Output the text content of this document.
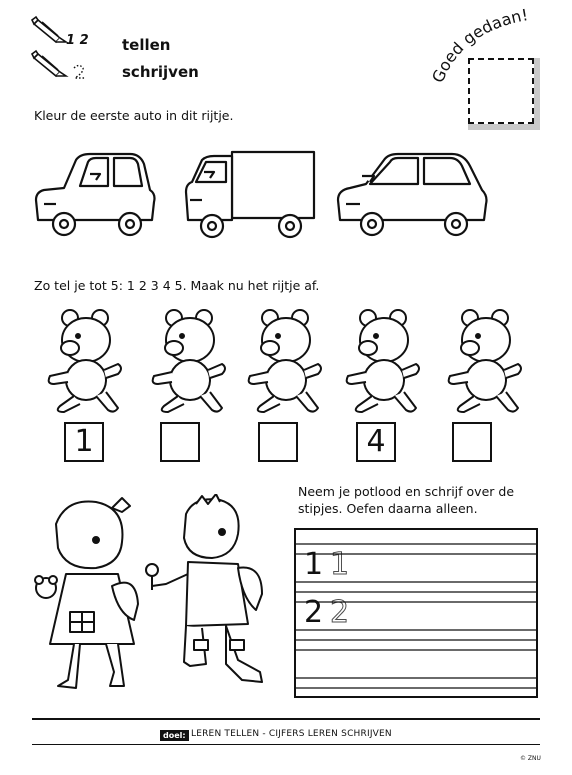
1 2 tellen
schrijven	Goed gedaan!
Kleur de eerste auto in dit rijtje.
Zo tel je tot 5: 1 2 3 4 5. Maak nu het rijtje af.
1	4
Neem je potlood en schrijf over de
stipjes. Oefen daarna alleen.
1 1
2 2
doel: LEREN TELLEN - CIJFERS LEREN SCHRIJVEN
© ZNU
